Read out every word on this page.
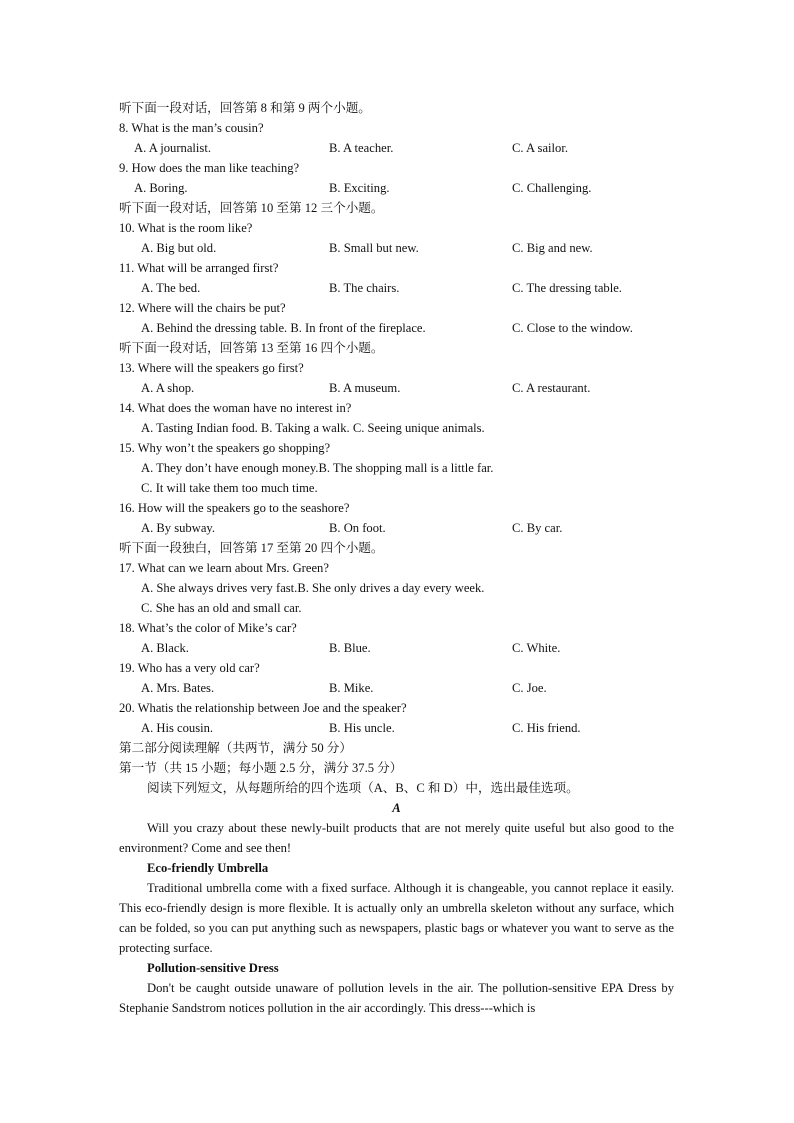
听下面一段对话，回答第 8 和第 9 两个小题。
8. What is the man’s cousin?
A. A journalist.	B. A teacher.	C. A sailor.
9. How does the man like teaching?
A. Boring.	B. Exciting.	C. Challenging.
听下面一段对话，回答第 10 至第 12 三个小题。
10. What is the room like?
A. Big but old.	B. Small but new.	C. Big and new.
11. What will be arranged first?
A. The bed.	B. The chairs.	C. The dressing table.
12. Where will the chairs be put?
A. Behind the dressing table. B. In front of the fireplace.	C. Close to the window.
听下面一段对话，回答第 13 至第 16 四个小题。
13. Where will the speakers go first?
A. A shop.	B. A museum.	C. A restaurant.
14. What does the woman have no interest in?
A. Tasting Indian food. B. Taking a walk. C. Seeing unique animals.
15. Why won’t the speakers go shopping?
A. They don’t have enough money.B. The shopping mall is a little far.
C. It will take them too much time.
16. How will the speakers go to the seashore?
A. By subway.	B. On foot.	C. By car.
听下面一段独白，回答第 17 至第 20 四个小题。
17. What can we learn about Mrs. Green?
A. She always drives very fast.B. She only drives a day every week.
C. She has an old and small car.
18. What’s the color of Mike’s car?
A. Black.	B. Blue.	C. White.
19. Who has a very old car?
A. Mrs. Bates.	B. Mike.	C. Joe.
20. Whatis the relationship between Joe and the speaker?
A. His cousin.	B. His uncle.	C. His friend.
第二部分阅读理解（共两节，满分 50 分）
第一节（共 15 小题；每小题 2.5 分，满分 37.5 分）
阅读下列短文，从每题所给的四个选项（A、B、C 和 D）中，选出最佳选项。
A
Will you crazy about these newly-built products that are not merely quite useful but also good to the environment? Come and see then!
Eco-friendly Umbrella
Traditional umbrella come with a fixed surface. Although it is changeable, you cannot replace it easily. This eco-friendly design is more flexible. It is actually only an umbrella skeleton without any surface, which can be folded, so you can put anything such as newspapers, plastic bags or whatever you want to serve as the protecting surface.
Pollution-sensitive Dress
Don't be caught outside unaware of pollution levels in the air. The pollution-sensitive EPA Dress by Stephanie Sandstrom notices pollution in the air accordingly. This dress---which is
